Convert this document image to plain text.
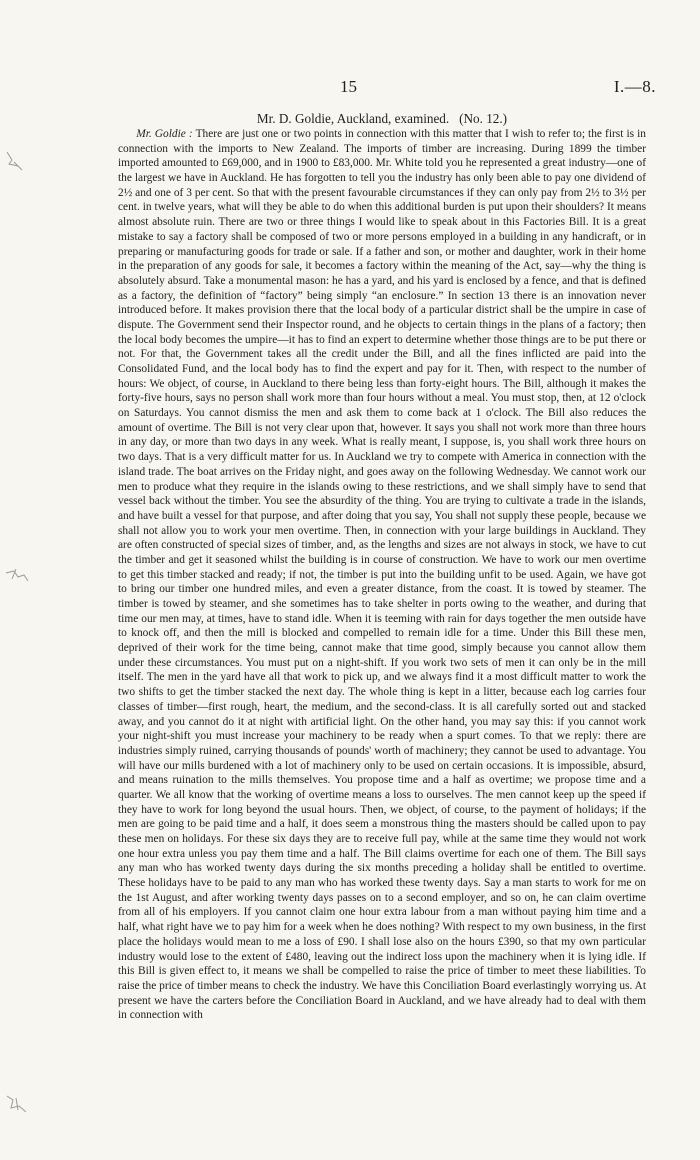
15	I.—8.
Mr. D. Goldie, Auckland, examined.   (No. 12.)

Mr. Goldie : There are just one or two points in connection with this matter that I wish to refer to; the first is in connection with the imports to New Zealand. The imports of timber are increasing. During 1899 the timber imported amounted to £69,000, and in 1900 to £83,000. Mr. White told you he represented a great industry—one of the largest we have in Auckland. He has forgotten to tell you the industry has only been able to pay one dividend of 2½ and one of 3 per cent. So that with the present favourable circumstances if they can only pay from 2½ to 3½ per cent. in twelve years, what will they be able to do when this additional burden is put upon their shoulders? It means almost absolute ruin. There are two or three things I would like to speak about in this Factories Bill. It is a great mistake to say a factory shall be composed of two or more persons employed in a building in any handicraft, or in preparing or manufacturing goods for trade or sale. If a father and son, or mother and daughter, work in their home in the preparation of any goods for sale, it becomes a factory within the meaning of the Act, say—why the thing is absolutely absurd. Take a monumental mason: he has a yard, and his yard is enclosed by a fence, and that is defined as a factory, the definition of “factory” being simply “an enclosure.” In section 13 there is an innovation never introduced before. It makes provision there that the local body of a particular district shall be the umpire in case of dispute. The Government send their Inspector round, and he objects to certain things in the plans of a factory; then the local body becomes the umpire—it has to find an expert to determine whether those things are to be put there or not. For that, the Government takes all the credit under the Bill, and all the fines inflicted are paid into the Consolidated Fund, and the local body has to find the expert and pay for it. Then, with respect to the number of hours: We object, of course, in Auckland to there being less than forty-eight hours. The Bill, although it makes the forty-five hours, says no person shall work more than four hours without a meal. You must stop, then, at 12 o'clock on Saturdays. You cannot dismiss the men and ask them to come back at 1 o'clock. The Bill also reduces the amount of overtime. The Bill is not very clear upon that, however. It says you shall not work more than three hours in any day, or more than two days in any week. What is really meant, I suppose, is, you shall work three hours on two days. That is a very difficult matter for us. In Auckland we try to compete with America in connection with the island trade. The boat arrives on the Friday night, and goes away on the following Wednesday. We cannot work our men to produce what they require in the islands owing to these restrictions, and we shall simply have to send that vessel back without the timber. You see the absurdity of the thing. You are trying to cultivate a trade in the islands, and have built a vessel for that purpose, and after doing that you say, You shall not supply these people, because we shall not allow you to work your men overtime. Then, in connection with your large buildings in Auckland. They are often constructed of special sizes of timber, and, as the lengths and sizes are not always in stock, we have to cut the timber and get it seasoned whilst the building is in course of construction. We have to work our men overtime to get this timber stacked and ready; if not, the timber is put into the building unfit to be used. Again, we have got to bring our timber one hundred miles, and even a greater distance, from the coast. It is towed by steamer. The timber is towed by steamer, and she sometimes has to take shelter in ports owing to the weather, and during that time our men may, at times, have to stand idle. When it is teeming with rain for days together the men outside have to knock off, and then the mill is blocked and compelled to remain idle for a time. Under this Bill these men, deprived of their work for the time being, cannot make that time good, simply because you cannot allow them under these circumstances. You must put on a night-shift. If you work two sets of men it can only be in the mill itself. The men in the yard have all that work to pick up, and we always find it a most difficult matter to work the two shifts to get the timber stacked the next day. The whole thing is kept in a litter, because each log carries four classes of timber—first rough, heart, the medium, and the second-class. It is all carefully sorted out and stacked away, and you cannot do it at night with artificial light. On the other hand, you may say this: if you cannot work your night-shift you must increase your machinery to be ready when a spurt comes. To that we reply: there are industries simply ruined, carrying thousands of pounds' worth of machinery; they cannot be used to advantage. You will have our mills burdened with a lot of machinery only to be used on certain occasions. It is impossible, absurd, and means ruination to the mills themselves. You propose time and a half as overtime; we propose time and a quarter. We all know that the working of overtime means a loss to ourselves. The men cannot keep up the speed if they have to work for long beyond the usual hours. Then, we object, of course, to the payment of holidays; if the men are going to be paid time and a half, it does seem a monstrous thing the masters should be called upon to pay these men on holidays. For these six days they are to receive full pay, while at the same time they would not work one hour extra unless you pay them time and a half. The Bill claims overtime for each one of them. The Bill says any man who has worked twenty days during the six months preceding a holiday shall be entitled to overtime. These holidays have to be paid to any man who has worked these twenty days. Say a man starts to work for me on the 1st August, and after working twenty days passes on to a second employer, and so on, he can claim overtime from all of his employers. If you cannot claim one hour extra labour from a man without paying him time and a half, what right have we to pay him for a week when he does nothing? With respect to my own business, in the first place the holidays would mean to me a loss of £90. I shall lose also on the hours £390, so that my own particular industry would lose to the extent of £480, leaving out the indirect loss upon the machinery when it is lying idle. If this Bill is given effect to, it means we shall be compelled to raise the price of timber to meet these liabilities. To raise the price of timber means to check the industry. We have this Conciliation Board everlastingly worrying us. At present we have the carters before the Conciliation Board in Auckland, and we have already had to deal with them in connection with
